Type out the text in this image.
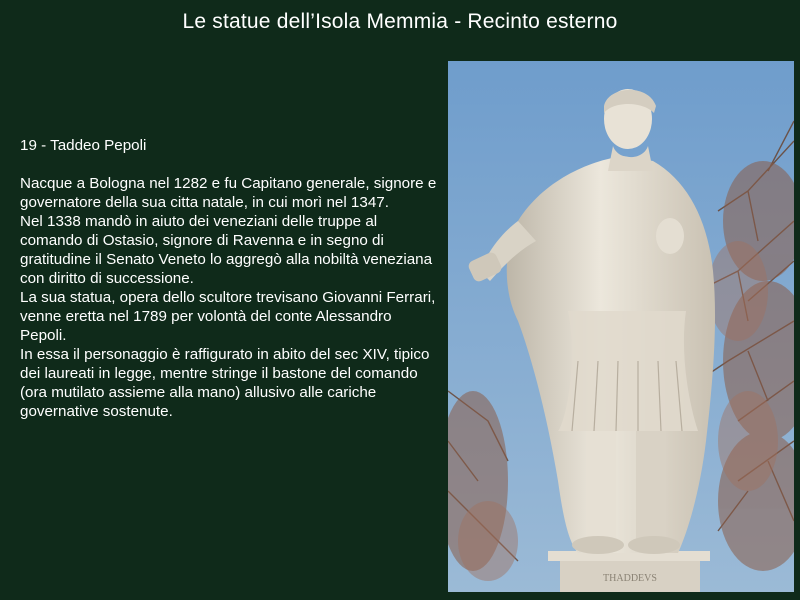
Le statue dell’Isola Memmia - Recinto esterno

19 - Taddeo Pepoli

Nacque a Bologna nel 1282 e fu Capitano generale, signore e governatore della sua citta natale, in cui morì nel 1347.

Nel 1338 mandò in aiuto dei veneziani delle truppe al comando di Ostasio, signore di Ravenna e in segno di gratitudine il Senato Veneto lo aggregò alla nobiltà veneziana con diritto di successione.

La sua statua, opera dello scultore trevisano Giovanni Ferrari, venne eretta nel 1789 per volontà del conte Alessandro Pepoli.

In essa il personaggio è raffigurato in abito del sec XIV, tipico dei laureati in legge, mentre stringe il bastone del comando (ora mutilato assieme alla mano) allusivo alle cariche governative sostenute.

THADDEVS
